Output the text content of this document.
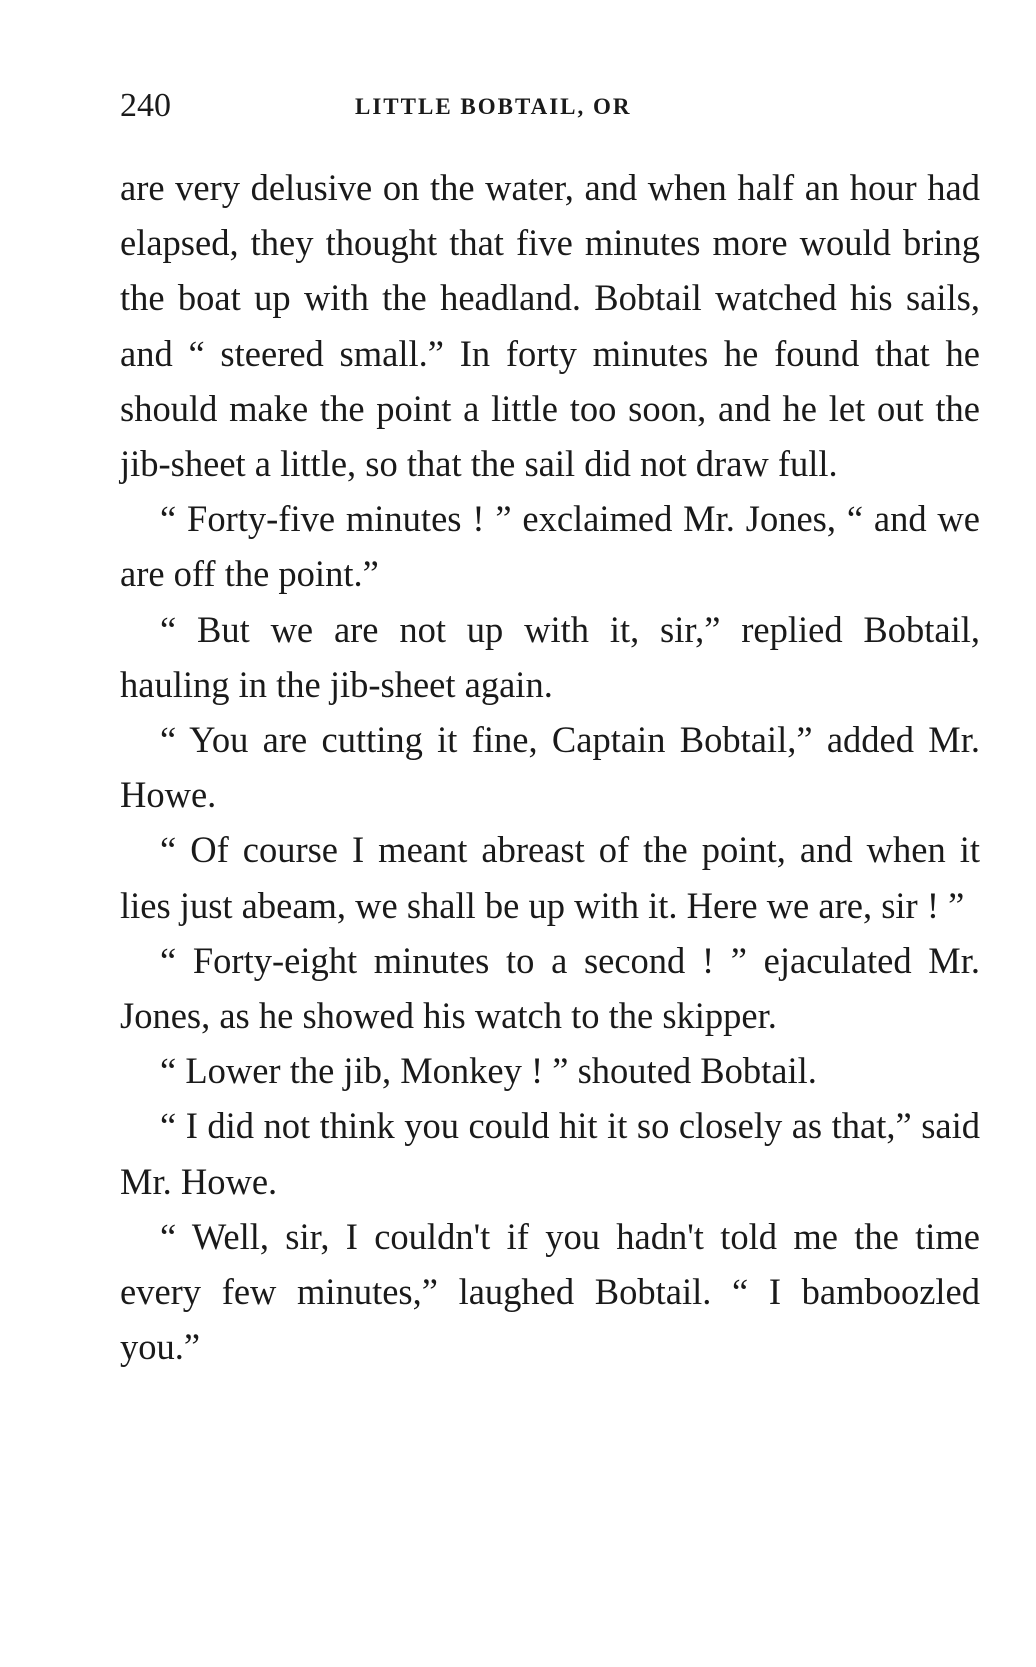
240	LITTLE BOBTAIL, OR

are very delusive on the water, and when half an hour had elapsed, they thought that five minutes more would bring the boat up with the headland. Bobtail watched his sails, and “ steered small.” In forty minutes he found that he should make the point a little too soon, and he let out the jib-sheet a little, so that the sail did not draw full.

“ Forty-five minutes ! ” exclaimed Mr. Jones, “ and we are off the point.”

“ But we are not up with it, sir,” replied Bobtail, hauling in the jib-sheet again.

“ You are cutting it fine, Captain Bobtail,” added Mr. Howe.

“ Of course I meant abreast of the point, and when it lies just abeam, we shall be up with it. Here we are, sir ! ”

“ Forty-eight minutes to a second ! ” ejaculated Mr. Jones, as he showed his watch to the skipper.

“ Lower the jib, Monkey ! ” shouted Bobtail.

“ I did not think you could hit it so closely as that,” said Mr. Howe.

“ Well, sir, I couldn't if you hadn't told me the time every few minutes,” laughed Bobtail. “ I bamboozled you.”
